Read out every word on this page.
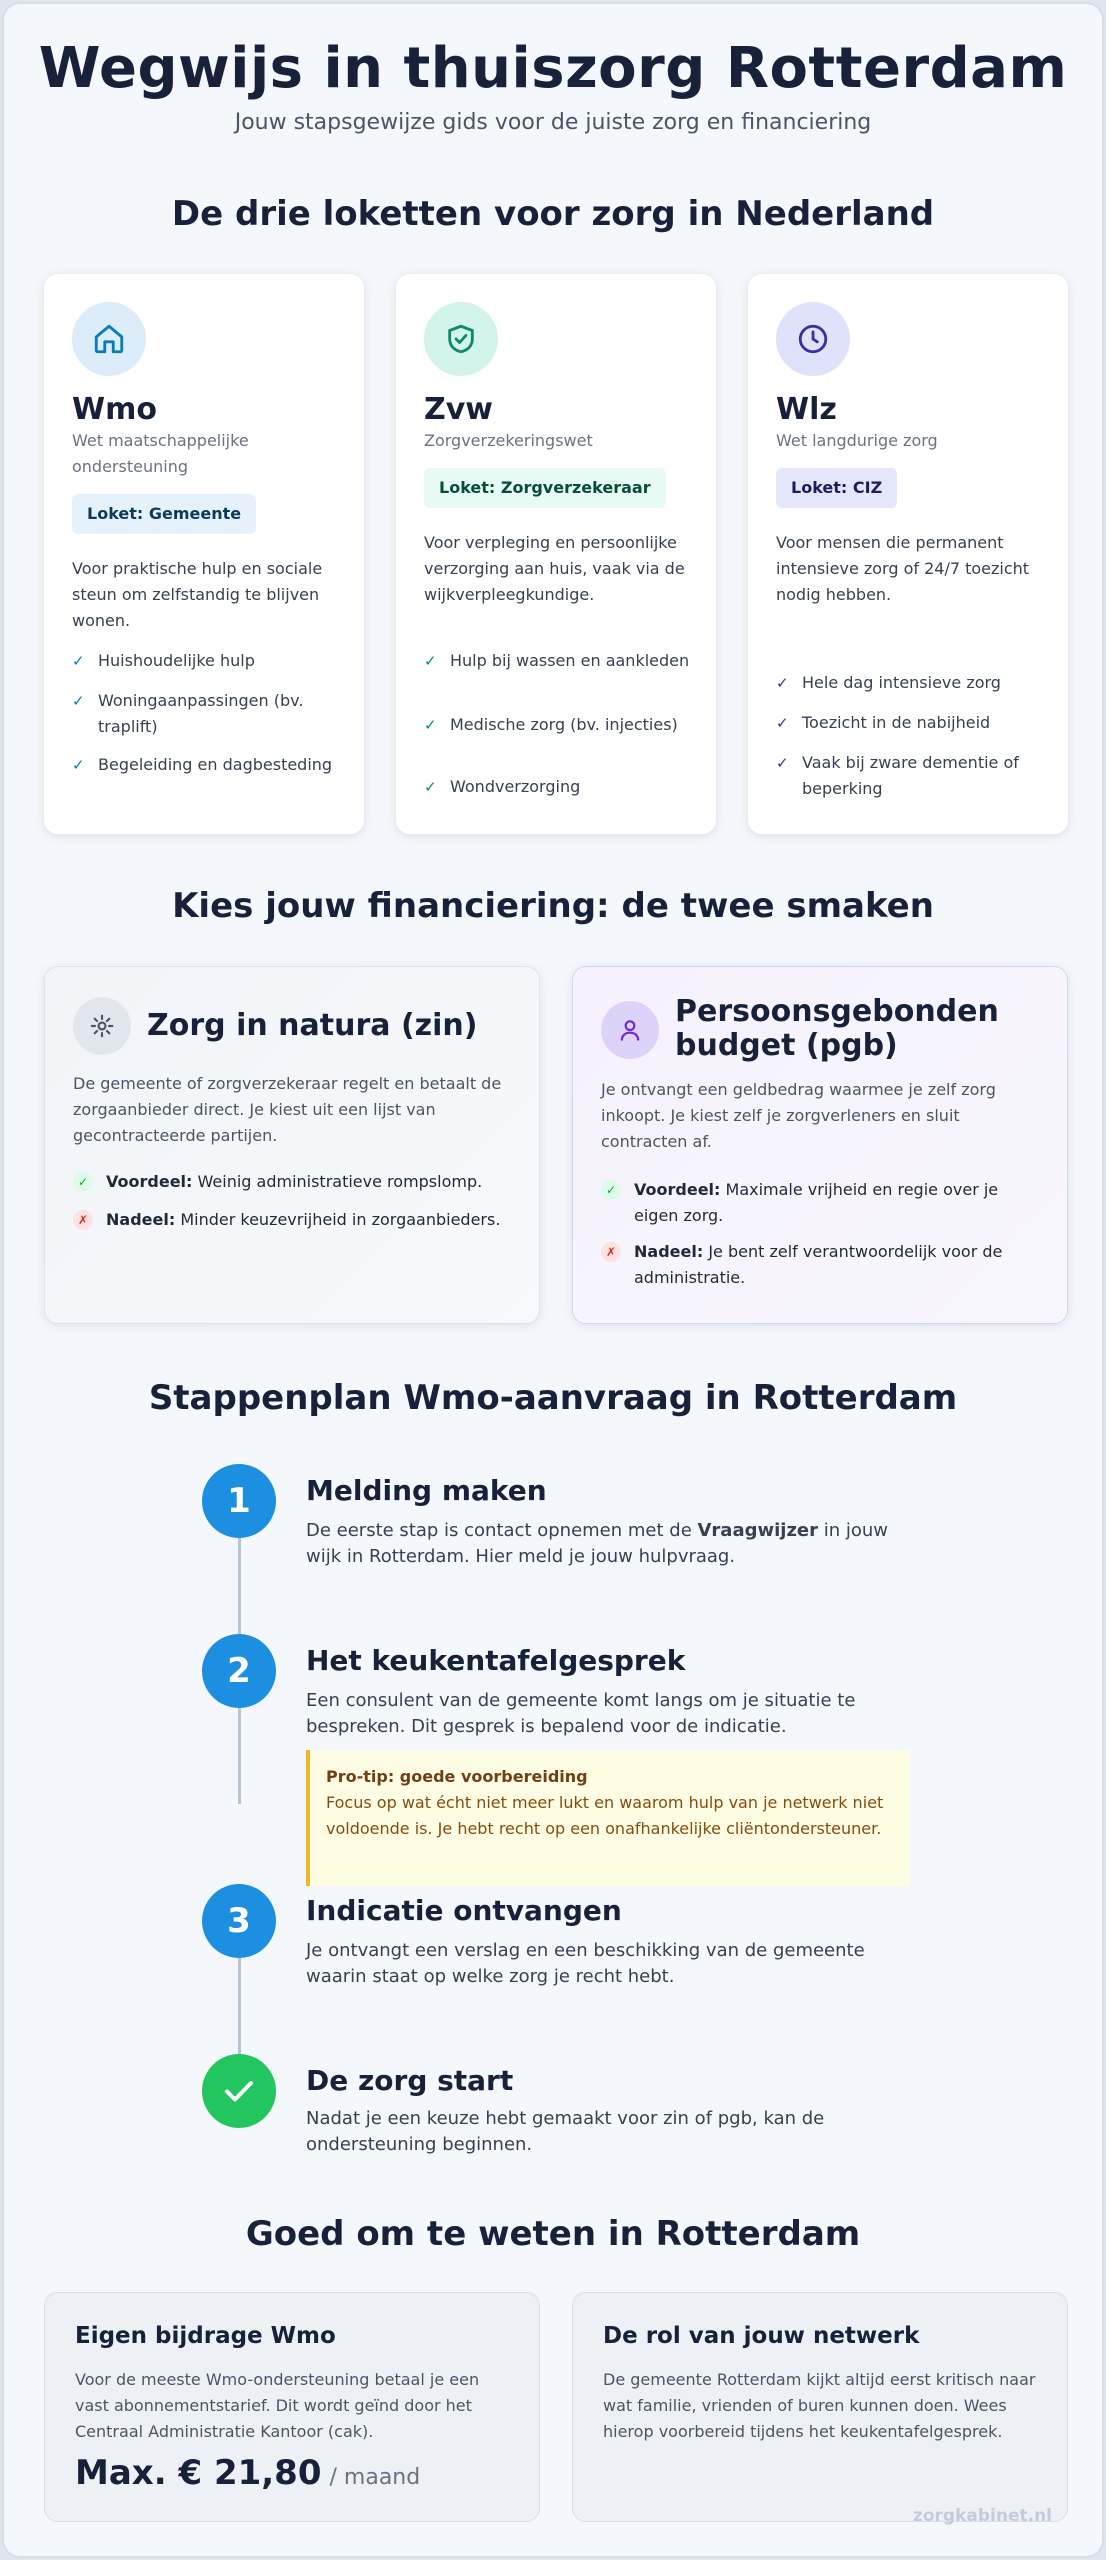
Wegwijs in thuiszorg Rotterdam
Jouw stapsgewijze gids voor de juiste zorg en financiering
De drie loketten voor zorg in Nederland
Wmo
Wet maatschappelijke ondersteuning
Loket: Gemeente
Voor praktische hulp en sociale steun om zelfstandig te blijven wonen.
✓ Huishoudelijke hulp
✓ Woningaanpassingen (bv. traplift)
✓ Begeleiding en dagbesteding
Zvw
Zorgverzekeringswet
Loket: Zorgverzekeraar
Voor verpleging en persoonlijke verzorging aan huis, vaak via de wijkverpleegkundige.
✓ Hulp bij wassen en aankleden
✓ Medische zorg (bv. injecties)
✓ Wondverzorging
Wlz
Wet langdurige zorg
Loket: CIZ
Voor mensen die permanent intensieve zorg of 24/7 toezicht nodig hebben.
✓ Hele dag intensieve zorg
✓ Toezicht in de nabijheid
✓ Vaak bij zware dementie of beperking
Kies jouw financiering: de twee smaken
Zorg in natura (zin)
De gemeente of zorgverzekeraar regelt en betaalt de zorgaanbieder direct. Je kiest uit een lijst van gecontracteerde partijen.
✓	Voordeel: Weinig administratieve rompslomp.
✗	Nadeel: Minder keuzevrijheid in zorgaanbieders.
Persoonsgebonden budget (pgb)
Je ontvangt een geldbedrag waarmee je zelf zorg inkoopt. Je kiest zelf je zorgverleners en sluit contracten af.
✓	Voordeel: Maximale vrijheid en regie over je eigen zorg.
✗	Nadeel: Je bent zelf verantwoordelijk voor de administratie.
Stappenplan Wmo-aanvraag in Rotterdam
1	Melding maken
De eerste stap is contact opnemen met de Vraagwijzer in jouw wijk in Rotterdam. Hier meld je jouw hulpvraag.
2	Het keukentafelgesprek
Een consulent van de gemeente komt langs om je situatie te bespreken. Dit gesprek is bepalend voor de indicatie.
Pro-tip: goede voorbereiding
Focus op wat écht niet meer lukt en waarom hulp van je netwerk niet voldoende is. Je hebt recht op een onafhankelijke cliëntondersteuner.
3	Indicatie ontvangen
Je ontvangt een verslag en een beschikking van de gemeente waarin staat op welke zorg je recht hebt.
De zorg start
Nadat je een keuze hebt gemaakt voor zin of pgb, kan de ondersteuning beginnen.
Goed om te weten in Rotterdam
Eigen bijdrage Wmo
Voor de meeste Wmo-ondersteuning betaal je een vast abonnementstarief. Dit wordt geïnd door het Centraal Administratie Kantoor (cak).
Max. € 21,80 / maand
De rol van jouw netwerk
De gemeente Rotterdam kijkt altijd eerst kritisch naar wat familie, vrienden of buren kunnen doen. Wees hierop voorbereid tijdens het keukentafelgesprek.
zorgkabinet.nl
